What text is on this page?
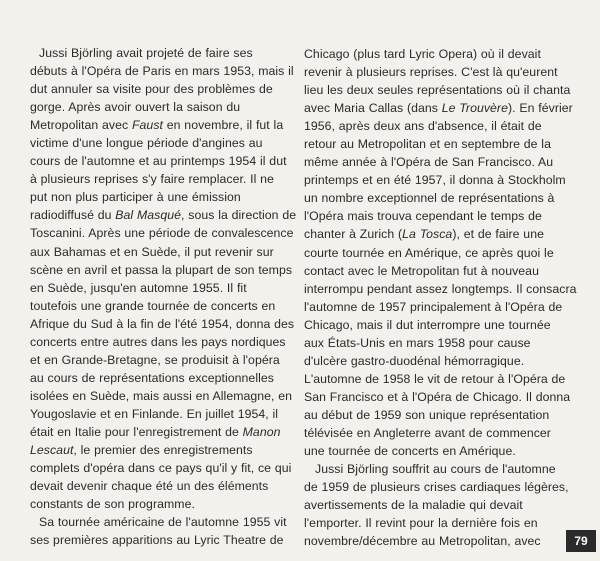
Jussi Björling avait projeté de faire ses
débuts à l'Opéra de Paris en mars 1953, mais il
dut annuler sa visite pour des problèmes de
gorge. Après avoir ouvert la saison du
Metropolitan avec Faust en novembre, il fut la
victime d'une longue période d'angines au
cours de l'automne et au printemps 1954 il dut
à plusieurs reprises s'y faire remplacer. Il ne
put non plus participer à une émission
radiodiffusé du Bal Masqué, sous la direction de
Toscanini. Après une période de convalescence
aux Bahamas et en Suède, il put revenir sur
scène en avril et passa la plupart de son temps
en Suède, jusqu'en automne 1955. Il fit
toutefois une grande tournée de concerts en
Afrique du Sud à la fin de l'été 1954, donna des
concerts entre autres dans les pays nordiques
et en Grande-Bretagne, se produisit à l'opéra
au cours de représentations exceptionnelles
isolées en Suède, mais aussi en Allemagne, en
Yougoslavie et en Finlande. En juillet 1954, il
était en Italie pour l'enregistrement de Manon
Lescaut, le premier des enregistrements
complets d'opéra dans ce pays qu'il y fit, ce qui
devait devenir chaque été un des éléments
constants de son programme.
Sa tournée américaine de l'automne 1955 vit
ses premières apparitions au Lyric Theatre de
Chicago (plus tard Lyric Opera) où il devait
revenir à plusieurs reprises. C'est là qu'eurent
lieu les deux seules représentations où il chanta
avec Maria Callas (dans Le Trouvère). En février
1956, après deux ans d'absence, il était de
retour au Metropolitan et en septembre de la
même année à l'Opéra de San Francisco. Au
printemps et en été 1957, il donna à Stockholm
un nombre exceptionnel de représentations à
l'Opéra mais trouva cependant le temps de
chanter à Zurich (La Tosca), et de faire une
courte tournée en Amérique, ce après quoi le
contact avec le Metropolitan fut à nouveau
interrompu pendant assez longtemps. Il consacra
l'automne de 1957 principalement à l'Opéra de
Chicago, mais il dut interrompre une tournée
aux États-Unis en mars 1958 pour cause
d'ulcère gastro-duodénal hémorragique.
L'automne de 1958 le vit de retour à l'Opéra de
San Francisco et à l'Opéra de Chicago. Il donna
au début de 1959 son unique représentation
télévisée en Angleterre avant de commencer
une tournée de concerts en Amérique.
Jussi Björling souffrit au cours de l'automne
de 1959 de plusieurs crises cardiaques légères,
avertissements de la maladie qui devait
l'emporter. Il revint pour la dernière fois en
novembre/décembre au Metropolitan, avec	79
